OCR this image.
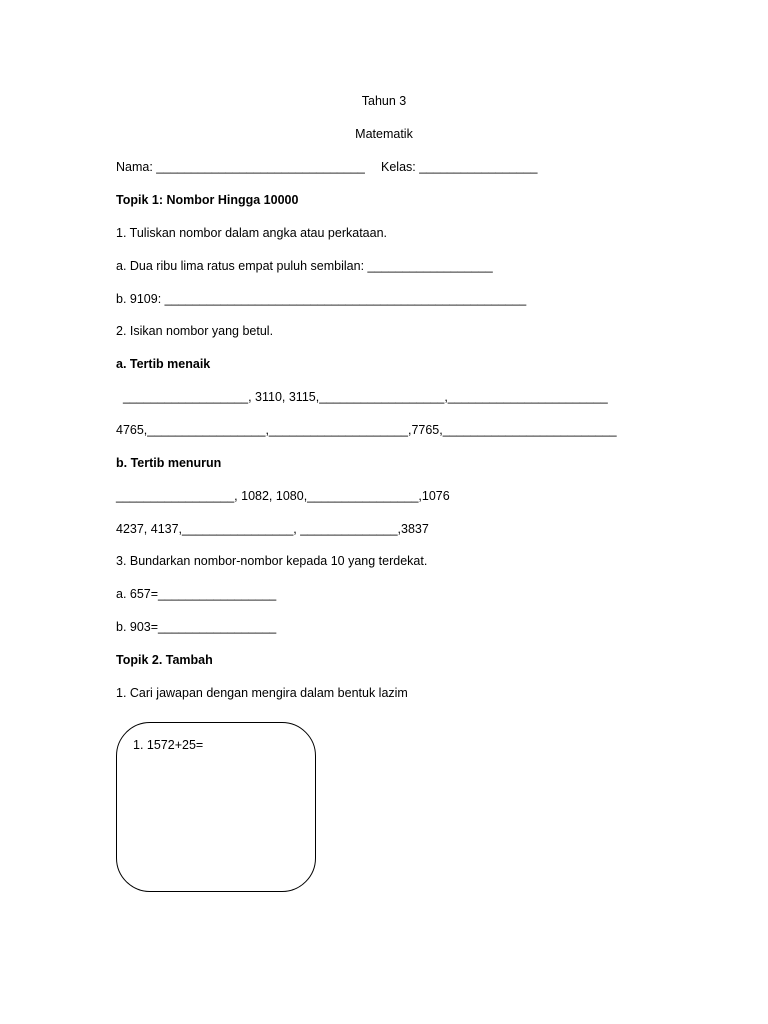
Tahun 3
Matematik
Nama: ______________________________ Kelas: _________________
Topik 1: Nombor Hingga 10000
1. Tuliskan nombor dalam angka atau perkataan.
a. Dua ribu lima ratus empat puluh sembilan: __________________
b. 9109: ____________________________________________________
2. Isikan nombor yang betul.
a. Tertib menaik
__________________, 3110, 3115,__________________,_______________________
4765,_________________,____________________,7765,_________________________
b. Tertib menurun
_________________, 1082, 1080,________________,1076
4237, 4137,________________, ______________,3837
3. Bundarkan nombor-nombor kepada 10 yang terdekat.
a. 657=_________________
b. 903=_________________
Topik 2. Tambah
1. Cari jawapan dengan mengira dalam bentuk lazim
1. 1572+25=
